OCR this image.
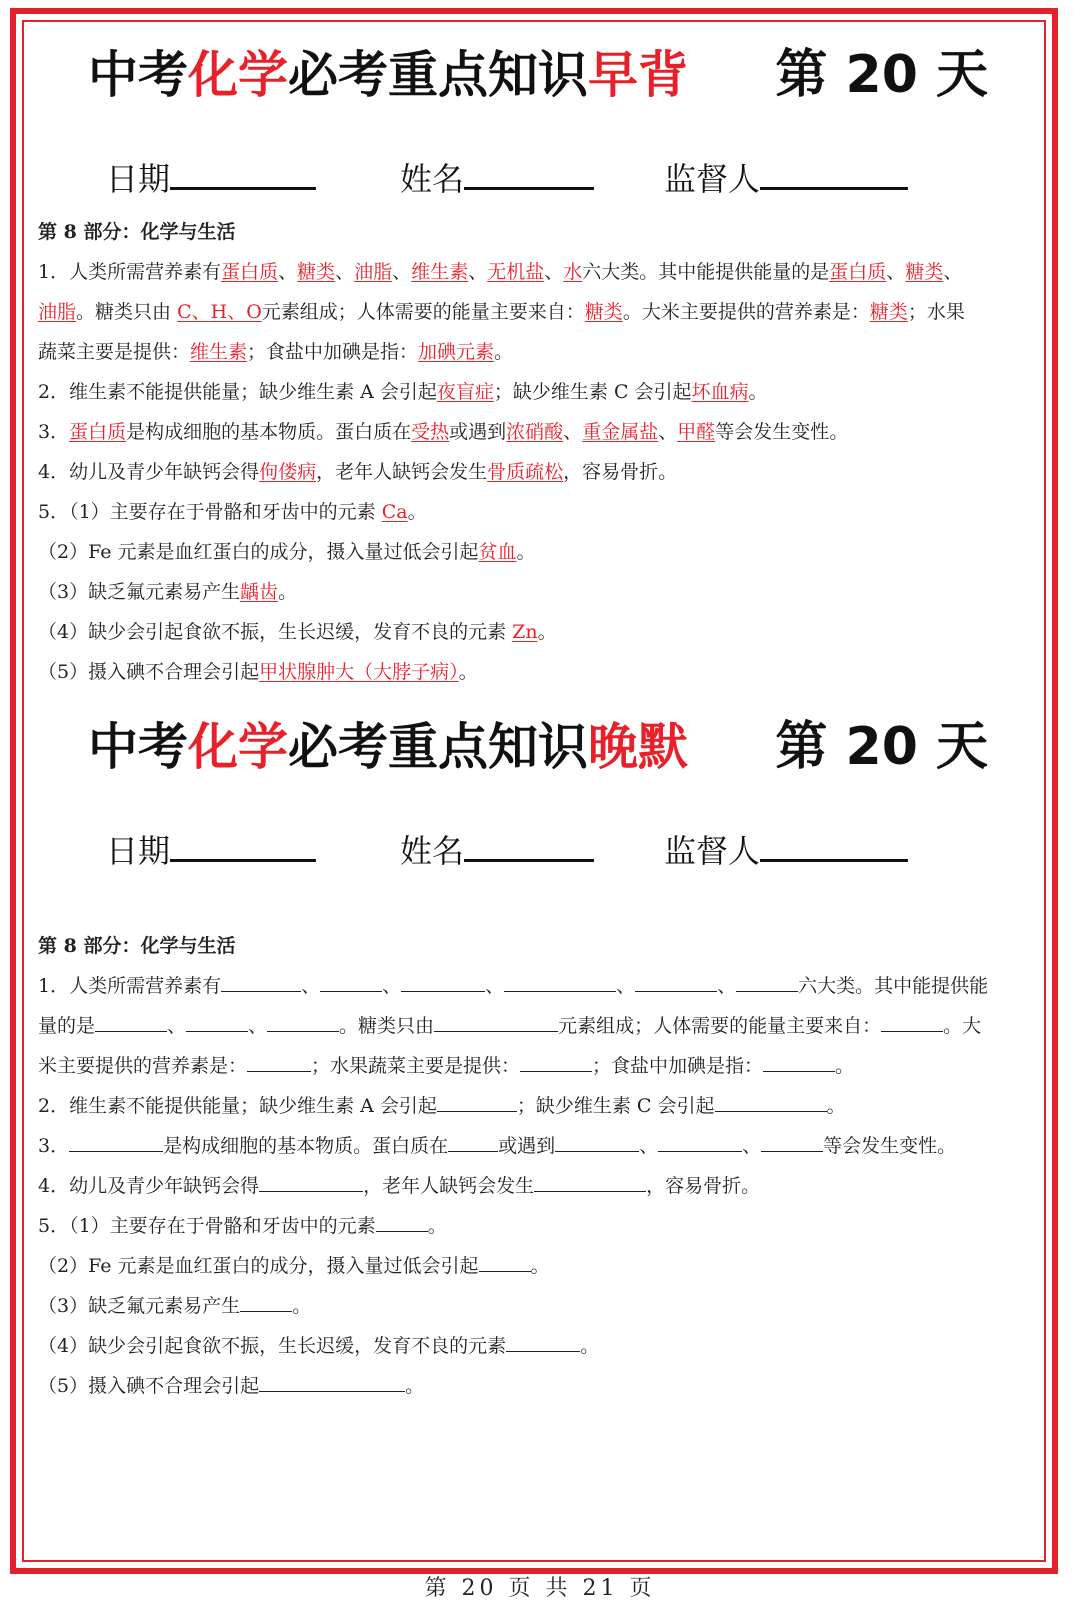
中考化学必考重点知识早背 第 20 天
日期	姓名	监督人

第 8 部分：化学与生活

1．人类所需营养素有蛋白质、糖类、油脂、维生素、无机盐、水六大类。其中能提供能量的是蛋白质、糖类、

油脂。糖类只由 C、H、O元素组成；人体需要的能量主要来自：糖类。大米主要提供的营养素是：糖类；水果

蔬菜主要是提供：维生素；食盐中加碘是指：加碘元素。

2．维生素不能提供能量；缺少维生素 A 会引起夜盲症；缺少维生素 C 会引起坏血病。

3．蛋白质是构成细胞的基本物质。蛋白质在受热或遇到浓硝酸、重金属盐、甲醛等会发生变性。

4．幼儿及青少年缺钙会得佝偻病，老年人缺钙会发生骨质疏松，容易骨折。

5．（1）主要存在于骨骼和牙齿中的元素 Ca。

（2）Fe 元素是血红蛋白的成分，摄入量过低会引起贫血。

（3）缺乏氟元素易产生龋齿。

（4）缺少会引起食欲不振，生长迟缓，发育不良的元素 Zn。

（5）摄入碘不合理会引起甲状腺肿大（大脖子病）。

中考化学必考重点知识晚默 第 20 天
日期	姓名	监督人

第 8 部分：化学与生活

1．人类所需营养素有	、	、	、	、	、	六大类。其中能提供能

量的是	、	、	。糖类只由	元素组成；人体需要的能量主要来自：	。大

米主要提供的营养素是：	；水果蔬菜主要是提供：	；食盐中加碘是指：	。

2．维生素不能提供能量；缺少维生素 A 会引起	；缺少维生素 C 会引起	。

3．	是构成细胞的基本物质。蛋白质在	或遇到	、	、	等会发生变性。

4．幼儿及青少年缺钙会得	，老年人缺钙会发生	，容易骨折。

5．（1）主要存在于骨骼和牙齿中的元素	。

（2）Fe 元素是血红蛋白的成分，摄入量过低会引起	。

（3）缺乏氟元素易产生	。

（4）缺少会引起食欲不振，生长迟缓，发育不良的元素	。

（5）摄入碘不合理会引起	。

第 20 页 共 21 页
